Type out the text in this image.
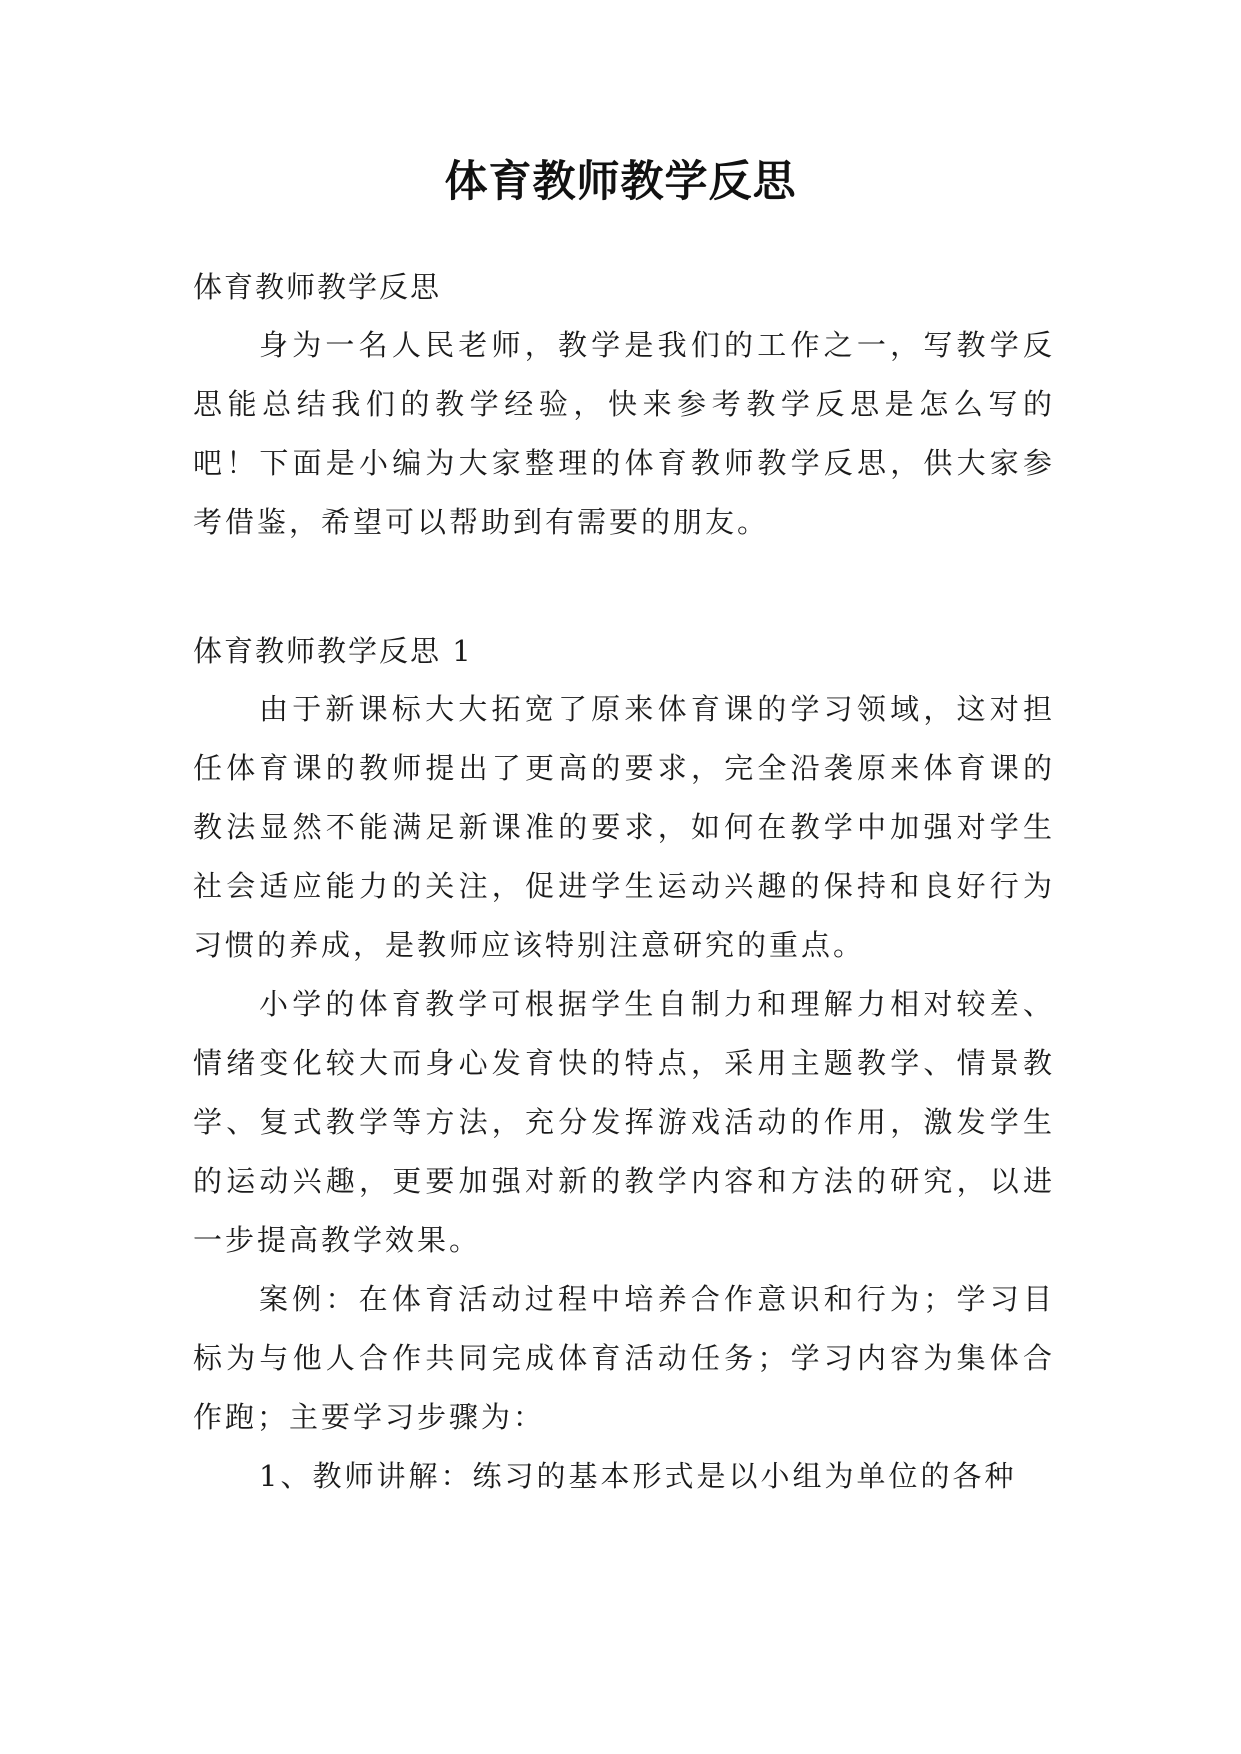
体育教师教学反思

体育教师教学反思

身为一名人民老师，教学是我们的工作之一，写教学反思能总结我们的教学经验，快来参考教学反思是怎么写的吧！下面是小编为大家整理的体育教师教学反思，供大家参考借鉴，希望可以帮助到有需要的朋友。

体育教师教学反思 1

由于新课标大大拓宽了原来体育课的学习领域，这对担任体育课的教师提出了更高的要求，完全沿袭原来体育课的教法显然不能满足新课准的要求，如何在教学中加强对学生社会适应能力的关注，促进学生运动兴趣的保持和良好行为习惯的养成，是教师应该特别注意研究的重点。

小学的体育教学可根据学生自制力和理解力相对较差、情绪变化较大而身心发育快的特点，采用主题教学、情景教学、复式教学等方法，充分发挥游戏活动的作用，激发学生的运动兴趣，更要加强对新的教学内容和方法的研究，以进一步提高教学效果。

案例：在体育活动过程中培养合作意识和行为；学习目标为与他人合作共同完成体育活动任务；学习内容为集体合作跑；主要学习步骤为：

1、教师讲解：练习的基本形式是以小组为单位的各种
